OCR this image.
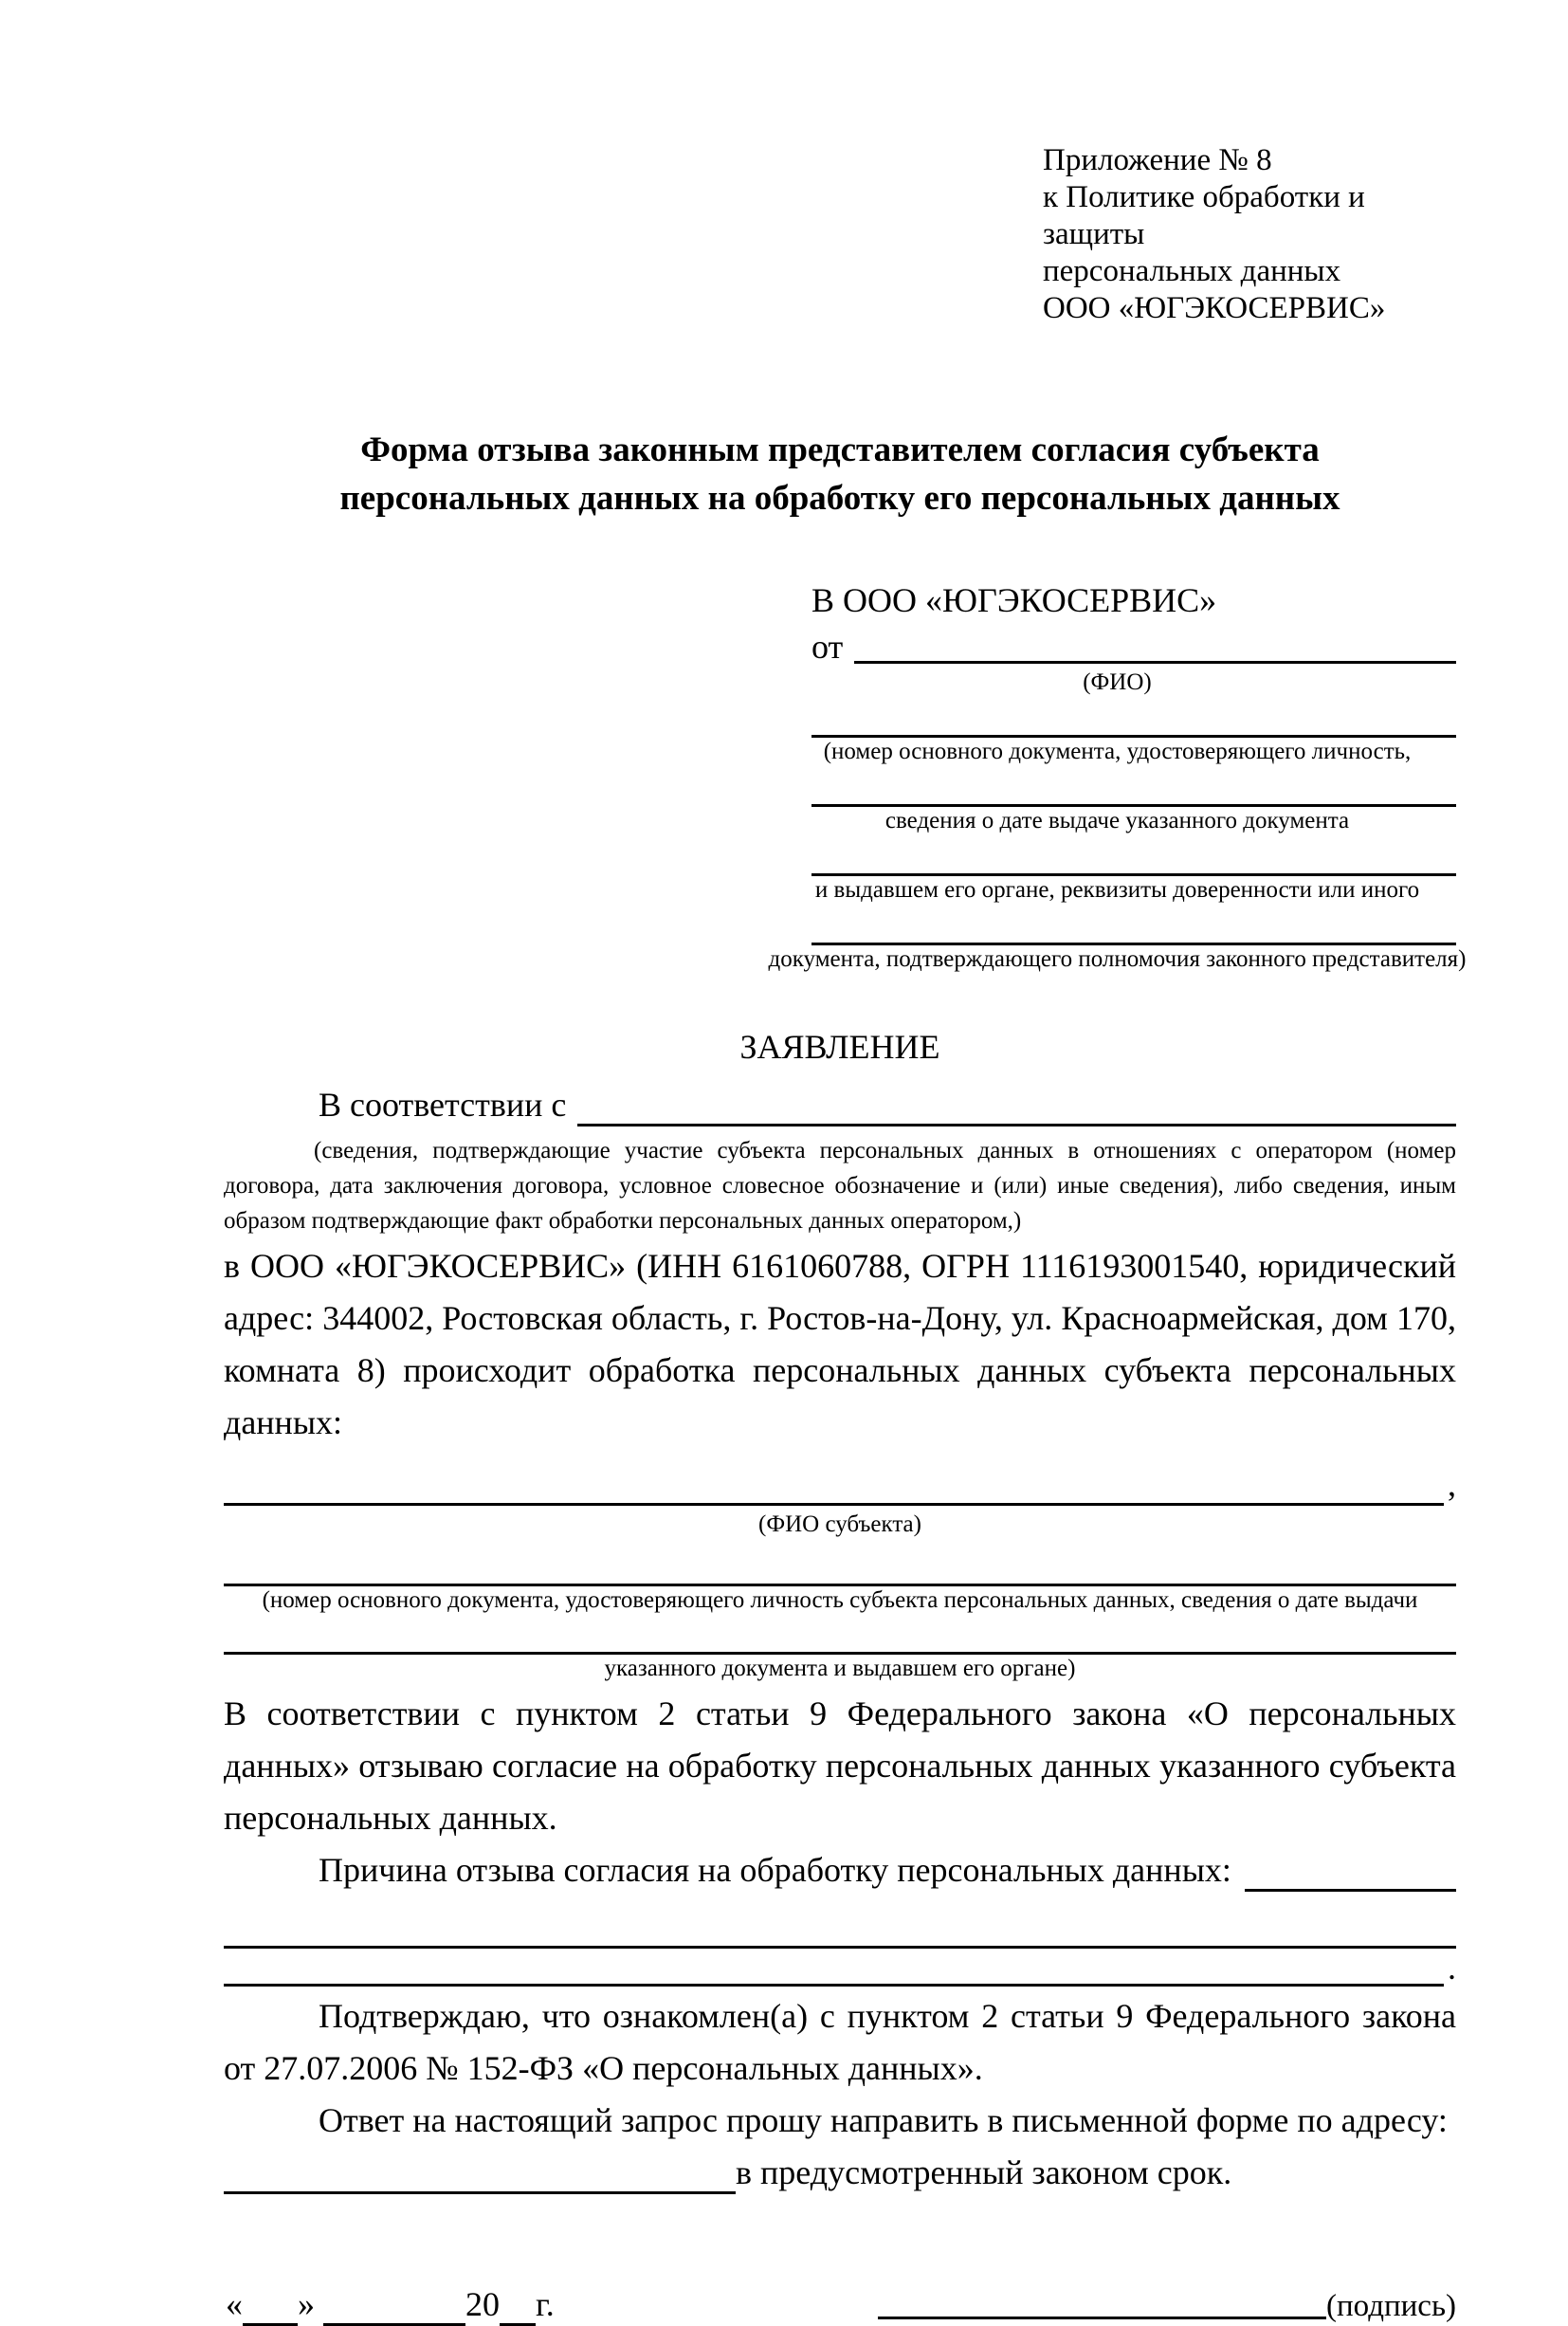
Приложение № 8
к Политике обработки и защиты
персональных данных
ООО «ЮГЭКОСЕРВИС»
Форма отзыва законным представителем согласия субъекта
персональных данных на обработку его персональных данных
В ООО «ЮГЭКОСЕРВИС»
от
(ФИО)
(номер основного документа, удостоверяющего личность,
сведения о дате выдаче указанного документа
и выдавшем его органе, реквизиты доверенности или иного
документа, подтверждающего полномочия законного представителя)
ЗАЯВЛЕНИЕ
В соответствии с
(сведения, подтверждающие участие субъекта персональных данных в отношениях с оператором (номер договора, дата заключения договора, условное словесное обозначение и (или) иные сведения), либо сведения, иным образом подтверждающие факт обработки персональных данных оператором,)
в ООО «ЮГЭКОСЕРВИС» (ИНН 6161060788, ОГРН 1116193001540, юридический адрес: 344002, Ростовская область, г. Ростов-на-Дону, ул. Красноармейская, дом 170, комната 8) происходит обработка персональных данных субъекта персональных данных:
,
(ФИО субъекта)
(номер основного документа, удостоверяющего личность субъекта персональных данных, сведения о дате выдачи
указанного документа и выдавшем его органе)
В соответствии с пунктом 2 статьи 9 Федерального закона «О персональных данных» отзываю согласие на обработку персональных данных указанного субъекта персональных данных.
Причина отзыва согласия на обработку персональных данных:
.
Подтверждаю, что ознакомлен(а) с пунктом 2 статьи 9 Федерального закона от 27.07.2006 № 152-ФЗ «О персональных данных».
Ответ на настоящий запрос прошу направить в письменной форме по адресу:
в предусмотренный законом срок.
« »	20 г.	(подпись)
